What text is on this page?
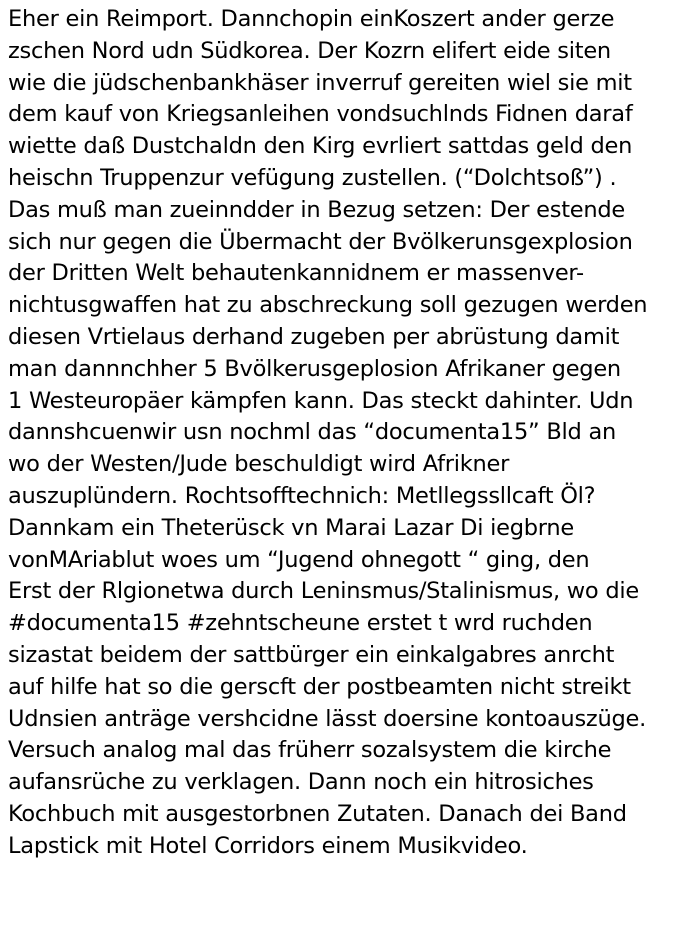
Eher ein Reimport. Dannchopin einKoszert ander gerze
zschen Nord udn Südkorea. Der Kozrn elifert eide siten
wie die jüdschenbankhäser inverruf gereiten wiel sie mit
dem kauf von Kriegsanleihen vondsuchlnds Fidnen daraf
wiette daß Dustchaldn den Kirg evrliert sattdas geld den
heischn Truppenzur vefügung zustellen. (“Dolchtsoß”) .
Das muß man zueinndder in Bezug setzen: Der estende
sich nur gegen die Übermacht der Bvölkerunsgexplosion
der Dritten Welt behautenkannidnem er massenver-
nichtusgwaffen hat zu abschreckung soll gezugen werden
diesen Vrtielaus derhand zugeben per abrüstung damit
man dannnchher 5 Bvölkerusgeplosion Afrikaner gegen
1 Westeuropäer kämpfen kann. Das steckt dahinter. Udn
dannshcuenwir usn nochml das “documenta15” Bld an
wo der Westen/Jude beschuldigt wird Afrikner
auszuplündern. Rochtsofftechnich: Metllegssllcaft Öl?
Dannkam ein Theterüsck vn Marai Lazar Di iegbrne
vonMAriablut woes um “Jugend ohnegott “ ging, den
Erst der Rlgionetwa durch Leninsmus/Stalinismus, wo die
#documenta15 #zehntscheune erstet t wrd ruchden
sizastat beidem der sattbürger ein einkalgabres anrcht
auf hilfe hat so die gerscft der postbeamten nicht streikt
Udnsien anträge vershcidne lässt doersine kontoauszüge.
Versuch analog mal das früherr sozalsystem die kirche
aufansrüche zu verklagen. Dann noch ein hitrosiches
Kochbuch mit ausgestorbnen Zutaten. Danach dei Band
Lapstick mit Hotel Corridors einem Musikvideo.
